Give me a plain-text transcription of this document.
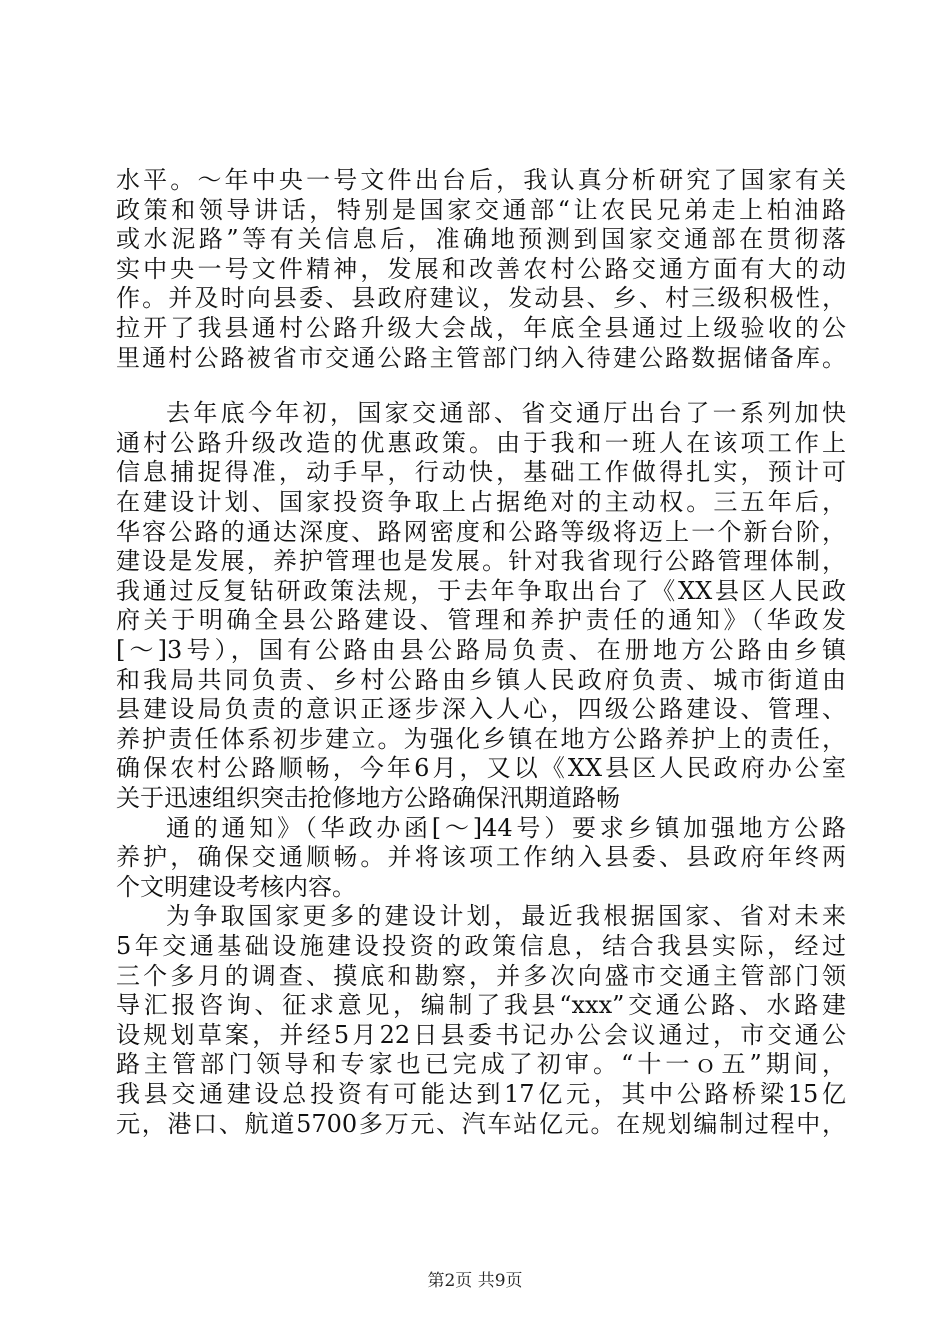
水平。～年中央一号文件出台后，我认真分析研究了国家有关
政策和领导讲话，特别是国家交通部“让农民兄弟走上柏油路
或水泥路”等有关信息后，准确地预测到国家交通部在贯彻落
实中央一号文件精神，发展和改善农村公路交通方面有大的动
作。并及时向县委、县政府建议，发动县、乡、村三级积极性，
拉开了我县通村公路升级大会战，年底全县通过上级验收的公
里通村公路被省市交通公路主管部门纳入待建公路数据储备库。
去年底今年初，国家交通部、省交通厅出台了一系列加快
通村公路升级改造的优惠政策。由于我和一班人在该项工作上
信息捕捉得准，动手早，行动快，基础工作做得扎实，预计可
在建设计划、国家投资争取上占据绝对的主动权。三五年后，
华容公路的通达深度、路网密度和公路等级将迈上一个新台阶，
建设是发展，养护管理也是发展。针对我省现行公路管理体制，
我通过反复钻研政策法规，于去年争取出台了《XX县区人民政
府关于明确全县公路建设、管理和养护责任的通知》（华政发
[～]3号），国有公路由县公路局负责、在册地方公路由乡镇
和我局共同负责、乡村公路由乡镇人民政府负责、城市街道由
县建设局负责的意识正逐步深入人心，四级公路建设、管理、
养护责任体系初步建立。为强化乡镇在地方公路养护上的责任，
确保农村公路顺畅，今年6月，又以《XX县区人民政府办公室
关于迅速组织突击抢修地方公路确保汛期道路畅
通的通知》（华政办函[～]44号）要求乡镇加强地方公路
养护，确保交通顺畅。并将该项工作纳入县委、县政府年终两
个文明建设考核内容。
为争取国家更多的建设计划，最近我根据国家、省对未来
5年交通基础设施建设投资的政策信息，结合我县实际，经过
三个多月的调查、摸底和勘察，并多次向盛市交通主管部门领
导汇报咨询、征求意见，编制了我县“xxx”交通公路、水路建
设规划草案，并经5月22日县委书记办公会议通过，市交通公
路主管部门领导和专家也已完成了初审。“十一ｏ五”期间，
我县交通建设总投资有可能达到17亿元，其中公路桥梁15亿
元，港口、航道5700多万元、汽车站亿元。在规划编制过程中，
第2页 共9页
